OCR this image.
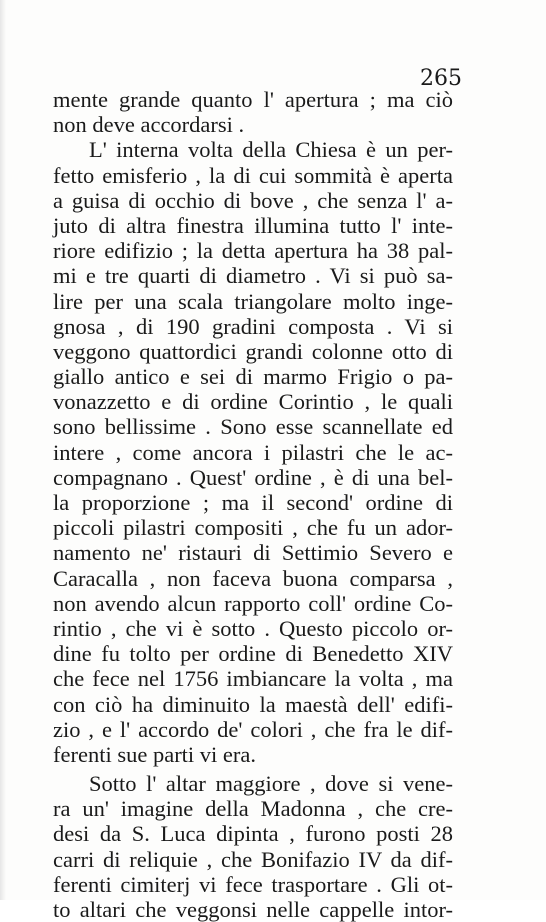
265
mente grande quanto l' apertura ; ma ciò
non deve accordarsi .
L' interna volta della Chiesa è un per-
fetto emisferio , la di cui sommità è aperta
a guisa di occhio di bove , che senza l' a-
juto di altra finestra illumina tutto l' inte-
riore edifizio ; la detta apertura ha 38 pal-
mi e tre quarti di diametro . Vi si può sa-
lire per una scala triangolare molto inge-
gnosa , di 190 gradini composta . Vi si
veggono quattordici grandi colonne otto di
giallo antico e sei di marmo Frigio o pa-
vonazzetto e di ordine Corintio , le quali
sono bellissime . Sono esse scannellate ed
intere , come ancora i pilastri che le ac-
compagnano . Quest' ordine , è di una bel-
la proporzione ; ma il second' ordine di
piccoli pilastri compositi , che fu un ador-
namento ne' ristauri di Settimio Severo e
Caracalla , non faceva buona comparsa ,
non avendo alcun rapporto coll' ordine Co-
rintio , che vi è sotto . Questo piccolo or-
dine fu tolto per ordine di Benedetto XIV
che fece nel 1756 imbiancare la volta , ma
con ciò ha diminuito la maestà dell' edifi-
zio , e l' accordo de' colori , che fra le dif-
ferenti sue parti vi era.
Sotto l' altar maggiore , dove si vene-
ra un' imagine della Madonna , che cre-
desi da S. Luca dipinta , furono posti 28
carri di reliquie , che Bonifazio IV da dif-
ferenti cimiterj vi fece trasportare . Gli ot-
to altari che veggonsi nelle cappelle intor-
